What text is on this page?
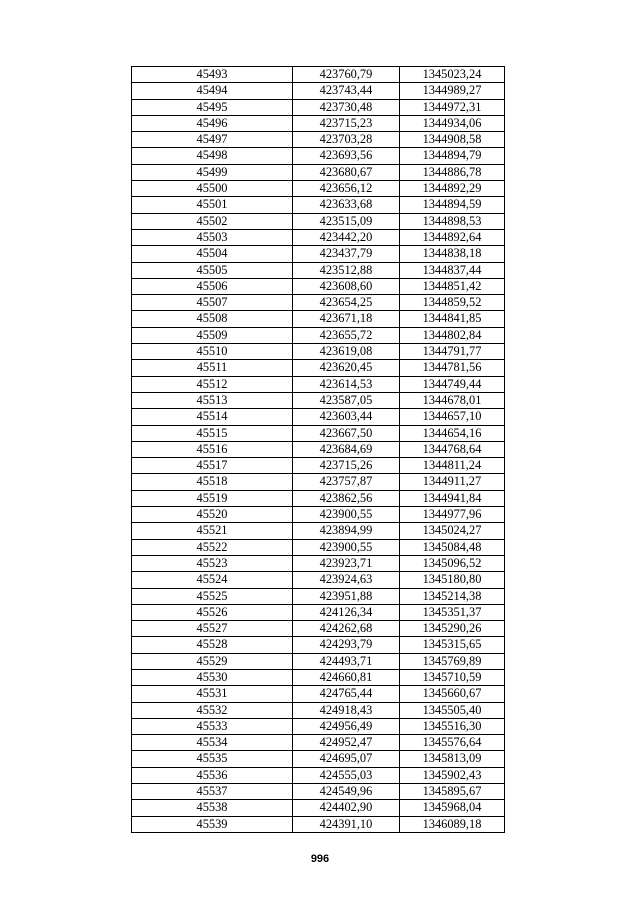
45493	423760,79	1345023,24
45494	423743,44	1344989,27
45495	423730,48	1344972,31
45496	423715,23	1344934,06
45497	423703,28	1344908,58
45498	423693,56	1344894,79
45499	423680,67	1344886,78
45500	423656,12	1344892,29
45501	423633,68	1344894,59
45502	423515,09	1344898,53
45503	423442,20	1344892,64
45504	423437,79	1344838,18
45505	423512,88	1344837,44
45506	423608,60	1344851,42
45507	423654,25	1344859,52
45508	423671,18	1344841,85
45509	423655,72	1344802,84
45510	423619,08	1344791,77
45511	423620,45	1344781,56
45512	423614,53	1344749,44
45513	423587,05	1344678,01
45514	423603,44	1344657,10
45515	423667,50	1344654,16
45516	423684,69	1344768,64
45517	423715,26	1344811,24
45518	423757,87	1344911,27
45519	423862,56	1344941,84
45520	423900,55	1344977,96
45521	423894,99	1345024,27
45522	423900,55	1345084,48
45523	423923,71	1345096,52
45524	423924,63	1345180,80
45525	423951,88	1345214,38
45526	424126,34	1345351,37
45527	424262,68	1345290,26
45528	424293,79	1345315,65
45529	424493,71	1345769,89
45530	424660,81	1345710,59
45531	424765,44	1345660,67
45532	424918,43	1345505,40
45533	424956,49	1345516,30
45534	424952,47	1345576,64
45535	424695,07	1345813,09
45536	424555,03	1345902,43
45537	424549,96	1345895,67
45538	424402,90	1345968,04
45539	424391,10	1346089,18
996
